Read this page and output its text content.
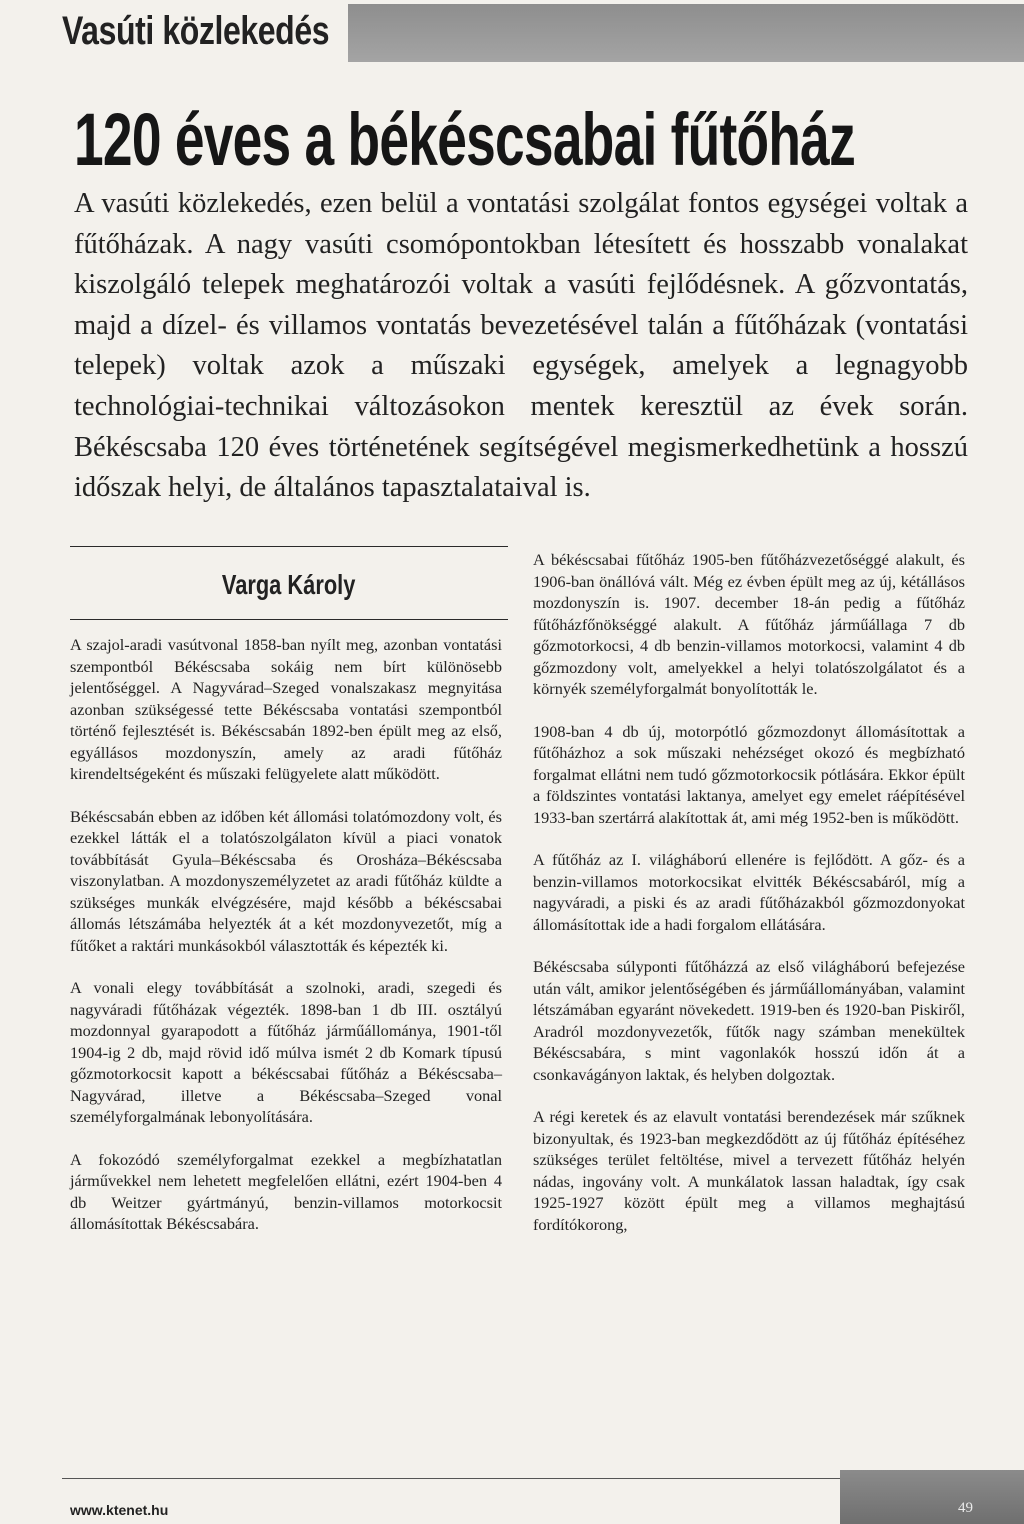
Vasúti közlekedés
120 éves a békéscsabai fűtőház

A vasúti közlekedés, ezen belül a vontatási szolgálat fontos egységei voltak a fűtőházak. A nagy vasúti csomópontokban létesített és hosszabb vonalakat kiszolgáló telepek meghatározói voltak a vasúti fejlődésnek. A gőzvontatás, majd a dízel- és villamos vontatás bevezetésével talán a fűtőházak (vontatási telepek) voltak azok a műszaki egységek, amelyek a legnagyobb technológiai-technikai változásokon mentek keresztül az évek során. Békéscsaba 120 éves történetének segítségével megismerkedhetünk a hosszú időszak helyi, de általános tapasztalataival is.

Varga Károly

A szajol-aradi vasútvonal 1858-ban nyílt meg, azonban vontatási szempontból Békéscsaba sokáig nem bírt különösebb jelentőséggel. A Nagyvárad–Szeged vonalszakasz megnyitása azonban szükségessé tette Békéscsaba vontatási szempontból történő fejlesztését is. Békéscsabán 1892-ben épült meg az első, egyállásos mozdonyszín, amely az aradi fűtőház kirendeltségeként és műszaki felügyelete alatt működött.

Békéscsabán ebben az időben két állomási tolatómozdony volt, és ezekkel látták el a tolatószolgálaton kívül a piaci vonatok továbbítását Gyula–Békéscsaba és Orosháza–Békéscsaba viszonylatban. A mozdonyszemélyzetet az aradi fűtőház küldte a szükséges munkák elvégzésére, majd később a békéscsabai állomás létszámába helyezték át a két mozdonyvezetőt, míg a fűtőket a raktári munkásokból választották és képezték ki.

A vonali elegy továbbítását a szolnoki, aradi, szegedi és nagyváradi fűtőházak végezték. 1898-ban 1 db III. osztályú mozdonnyal gyarapodott a fűtőház járműállománya, 1901-től 1904-ig 2 db, majd rövid idő múlva ismét 2 db Komark típusú gőzmotorkocsit kapott a békéscsabai fűtőház a Békéscsaba–Nagyvárad, illetve a Békéscsaba–Szeged vonal személyforgalmának lebonyolítására.

A fokozódó személyforgalmat ezekkel a megbízhatatlan járművekkel nem lehetett megfelelően ellátni, ezért 1904-ben 4 db Weitzer gyártmányú, benzin-villamos motorkocsit állomásítottak Békéscsabára.

A békéscsabai fűtőház 1905-ben fűtőházvezetőséggé alakult, és 1906-ban önállóvá vált. Még ez évben épült meg az új, kétállásos mozdonyszín is. 1907. december 18-án pedig a fűtőház fűtőházfőnökséggé alakult. A fűtőház járműállaga 7 db gőzmotorkocsi, 4 db benzin-villamos motorkocsi, valamint 4 db gőzmozdony volt, amelyekkel a helyi tolatószolgálatot és a környék személyforgalmát bonyolították le.

1908-ban 4 db új, motorpótló gőzmozdonyt állomásítottak a fűtőházhoz a sok műszaki nehézséget okozó és megbízható forgalmat ellátni nem tudó gőzmotorkocsik pótlására. Ekkor épült a földszintes vontatási laktanya, amelyet egy emelet ráépítésével 1933-ban szertárrá alakítottak át, ami még 1952-ben is működött.

A fűtőház az I. világháború ellenére is fejlődött. A gőz- és a benzin-villamos motorkocsikat elvitték Békéscsabáról, míg a nagyváradi, a piski és az aradi fűtőházakból gőzmozdonyokat állomásítottak ide a hadi forgalom ellátására.

Békéscsaba súlyponti fűtőházzá az első világháború befejezése után vált, amikor jelentőségében és járműállományában, valamint létszámában egyaránt növekedett. 1919-ben és 1920-ban Piskiről, Aradról mozdonyvezetők, fűtők nagy számban menekültek Békéscsabára, s mint vagonlakók hosszú időn át a csonkavágányon laktak, és helyben dolgoztak.

A régi keretek és az elavult vontatási berendezések már szűknek bizonyultak, és 1923-ban megkezdődött az új fűtőház építéséhez szükséges terület feltöltése, mivel a tervezett fűtőház helyén nádas, ingovány volt. A munkálatok lassan haladtak, így csak 1925-1927 között épült meg a villamos meghajtású fordítókorong,

www.ktenet.hu	49
